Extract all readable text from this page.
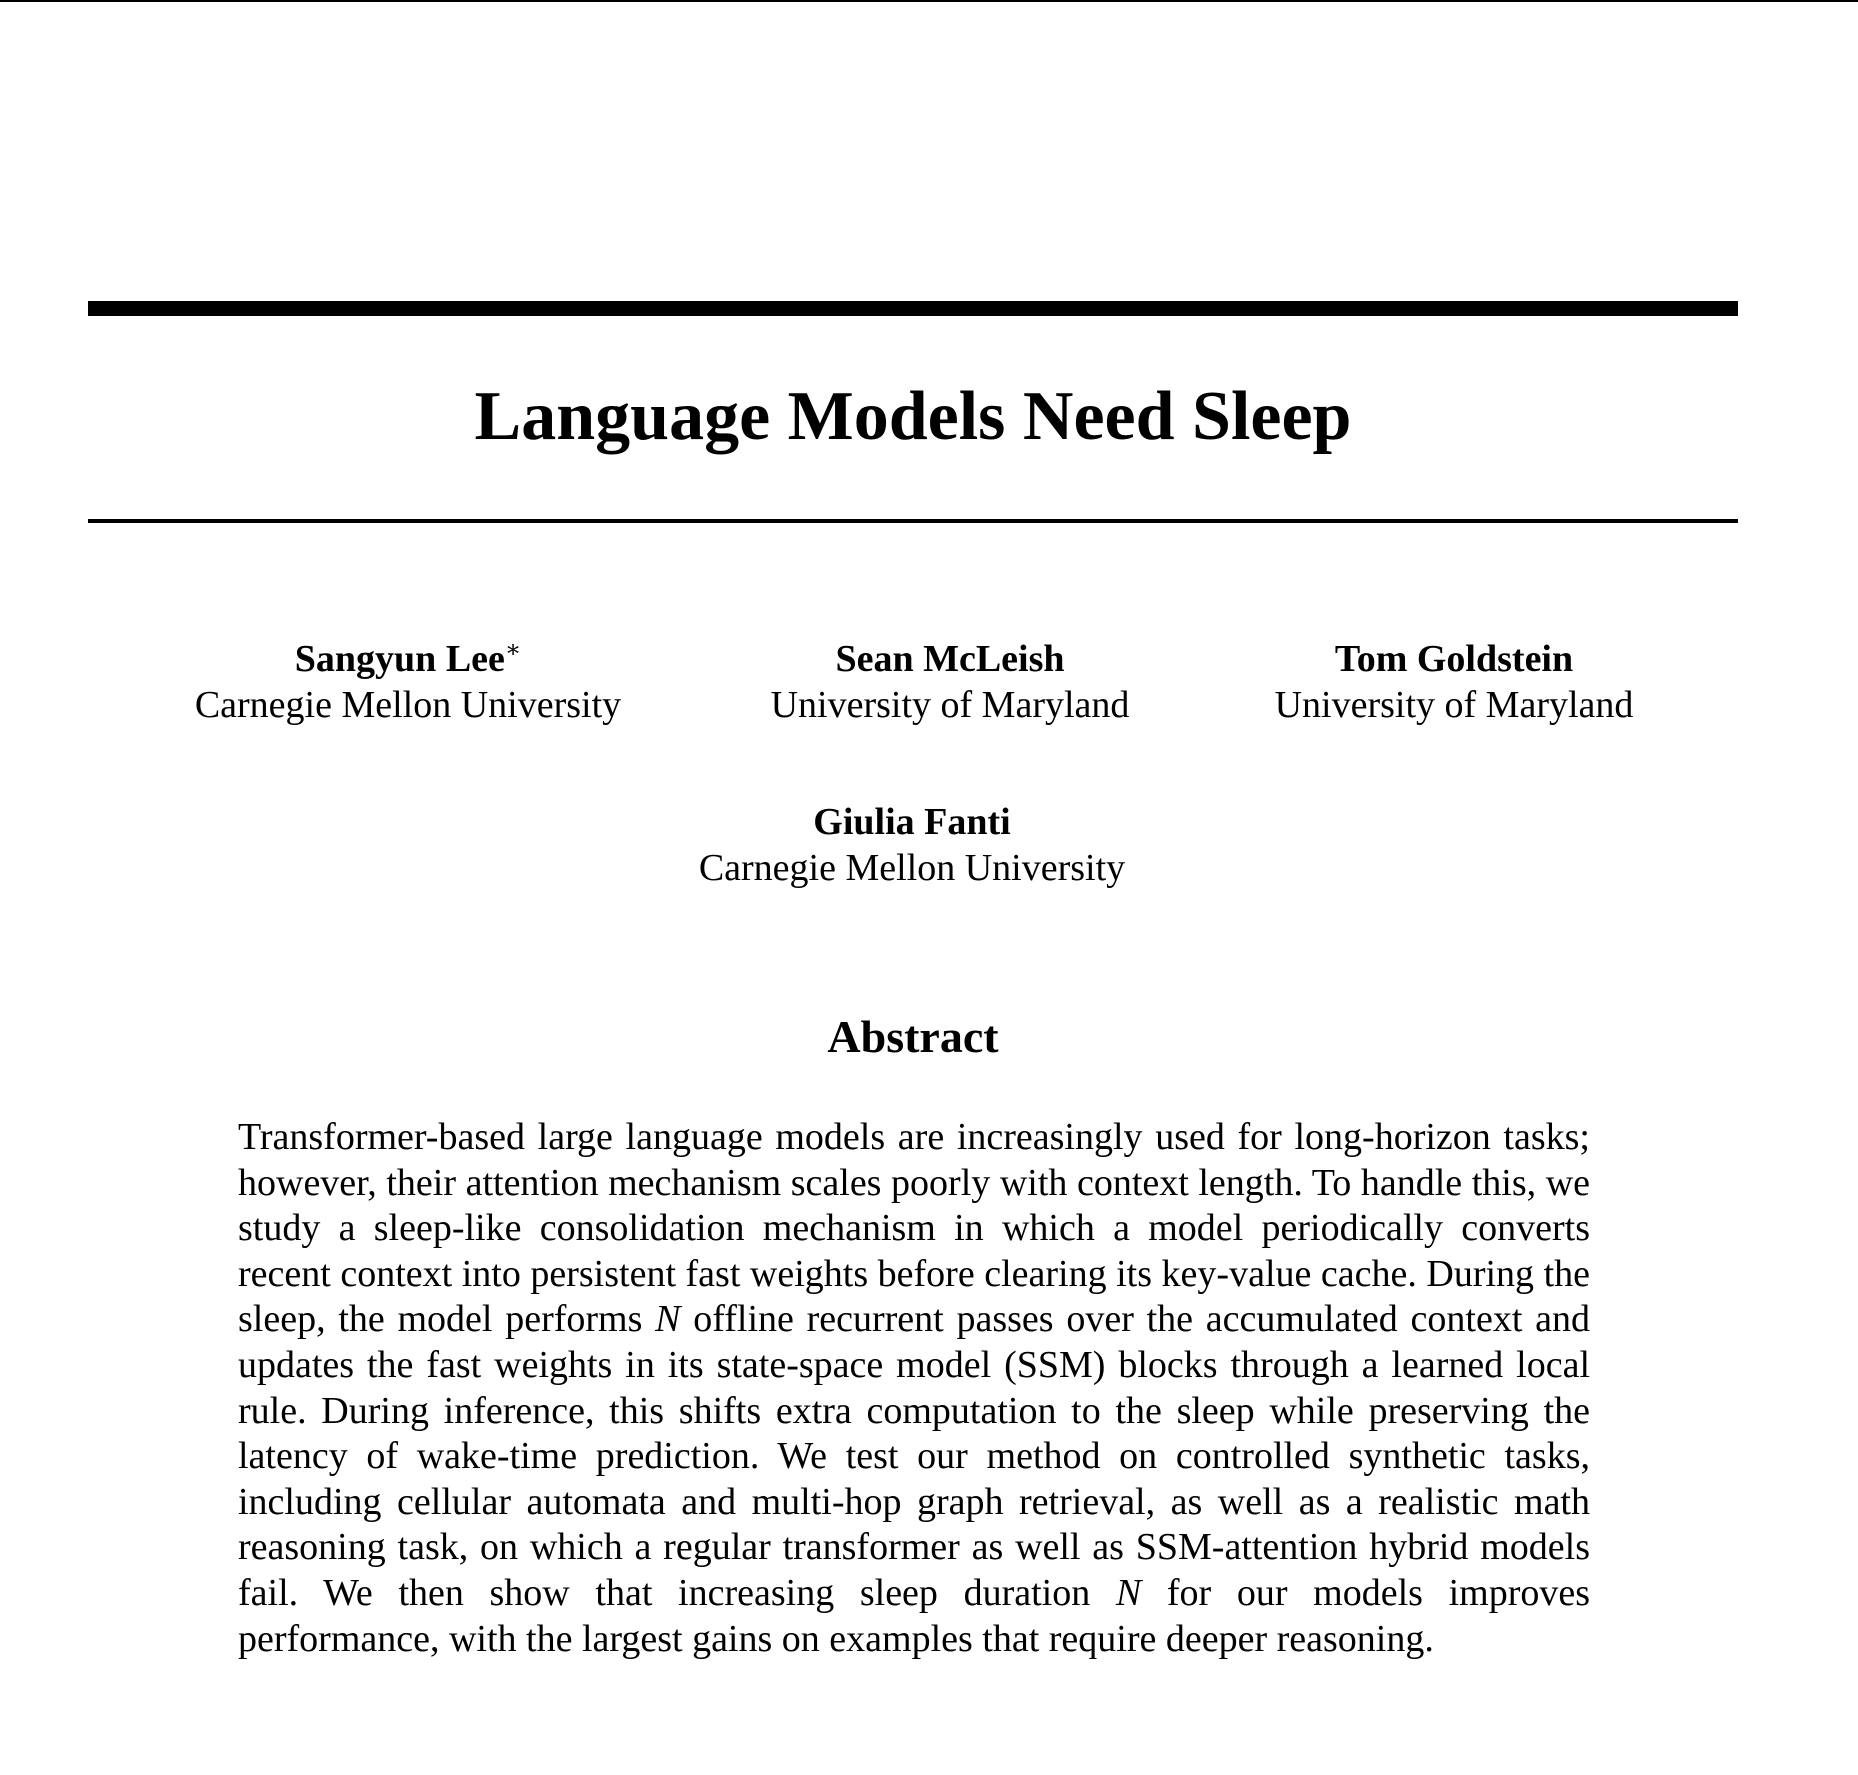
Language Models Need Sleep
Sangyun Lee∗
Carnegie Mellon University
Sean McLeish
University of Maryland
Tom Goldstein
University of Maryland
Giulia Fanti
Carnegie Mellon University
Abstract

Transformer-based large language models are increasingly used for long-horizon tasks; however, their attention mechanism scales poorly with context length. To handle this, we study a sleep-like consolidation mechanism in which a model periodically converts recent context into persistent fast weights before clearing its key-value cache. During the sleep, the model performs N offline recurrent passes over the accumulated context and updates the fast weights in its state-space model (SSM) blocks through a learned local rule. During inference, this shifts extra computation to the sleep while preserving the latency of wake-time prediction. We test our method on controlled synthetic tasks, including cellular automata and multi-hop graph retrieval, as well as a realistic math reasoning task, on which a regular transformer as well as SSM-attention hybrid models fail. We then show that increasing sleep duration N for our models improves performance, with the largest gains on examples that require deeper reasoning.
